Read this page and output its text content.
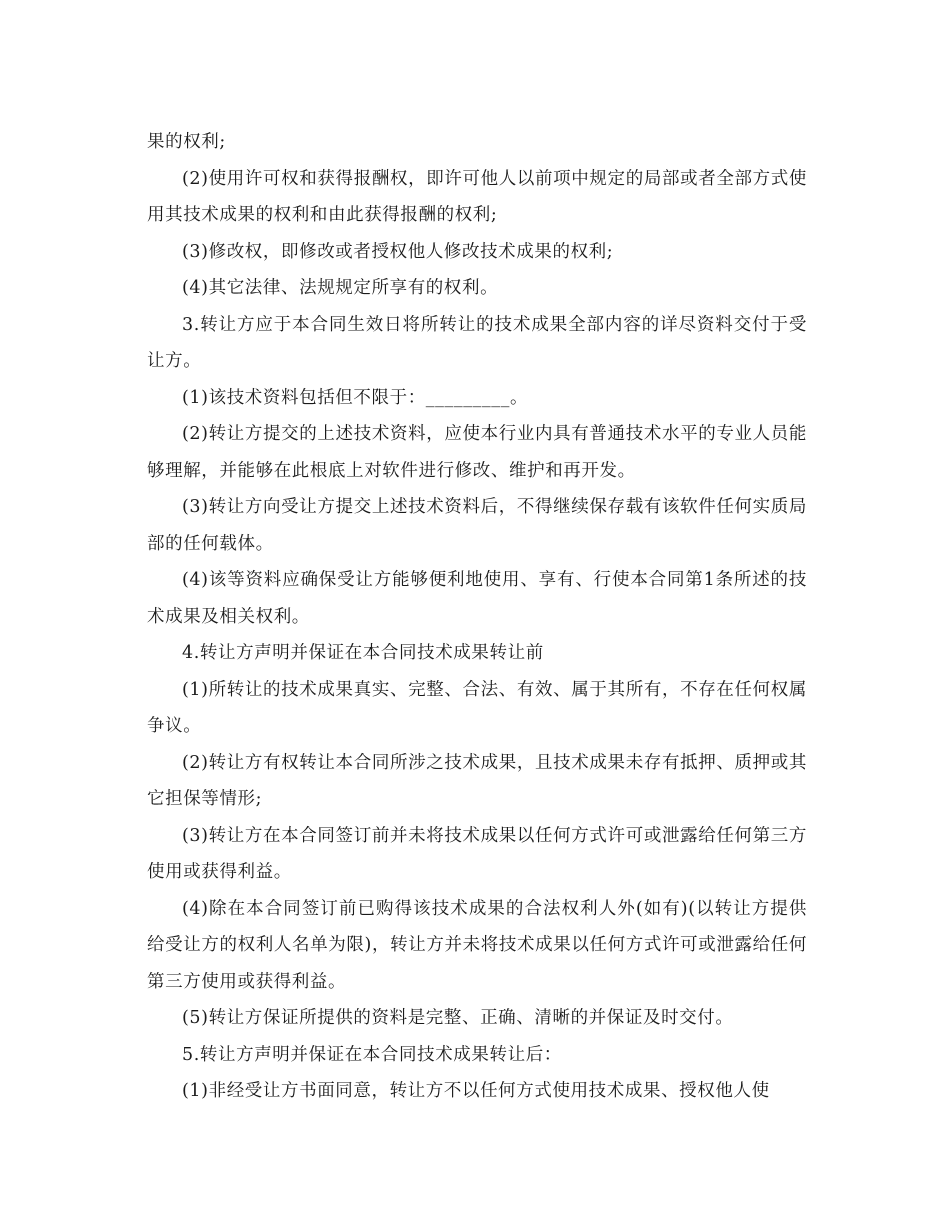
果的权利;

(2)使用许可权和获得报酬权，即许可他人以前项中规定的局部或者全部方式使用其技术成果的权利和由此获得报酬的权利;

(3)修改权，即修改或者授权他人修改技术成果的权利;

(4)其它法律、法规规定所享有的权利。

3.转让方应于本合同生效日将所转让的技术成果全部内容的详尽资料交付于受让方。

(1)该技术资料包括但不限于：_________。

(2)转让方提交的上述技术资料，应使本行业内具有普通技术水平的专业人员能够理解，并能够在此根底上对软件进行修改、维护和再开发。

(3)转让方向受让方提交上述技术资料后，不得继续保存载有该软件任何实质局部的任何载体。

(4)该等资料应确保受让方能够便利地使用、享有、行使本合同第1条所述的技术成果及相关权利。

4.转让方声明并保证在本合同技术成果转让前

(1)所转让的技术成果真实、完整、合法、有效、属于其所有，不存在任何权属争议。

(2)转让方有权转让本合同所涉之技术成果，且技术成果未存有抵押、质押或其它担保等情形;

(3)转让方在本合同签订前并未将技术成果以任何方式许可或泄露给任何第三方使用或获得利益。

(4)除在本合同签订前已购得该技术成果的合法权利人外(如有)(以转让方提供给受让方的权利人名单为限)，转让方并未将技术成果以任何方式许可或泄露给任何第三方使用或获得利益。

(5)转让方保证所提供的资料是完整、正确、清晰的并保证及时交付。

5.转让方声明并保证在本合同技术成果转让后：

(1)非经受让方书面同意，转让方不以任何方式使用技术成果、授权他人使
